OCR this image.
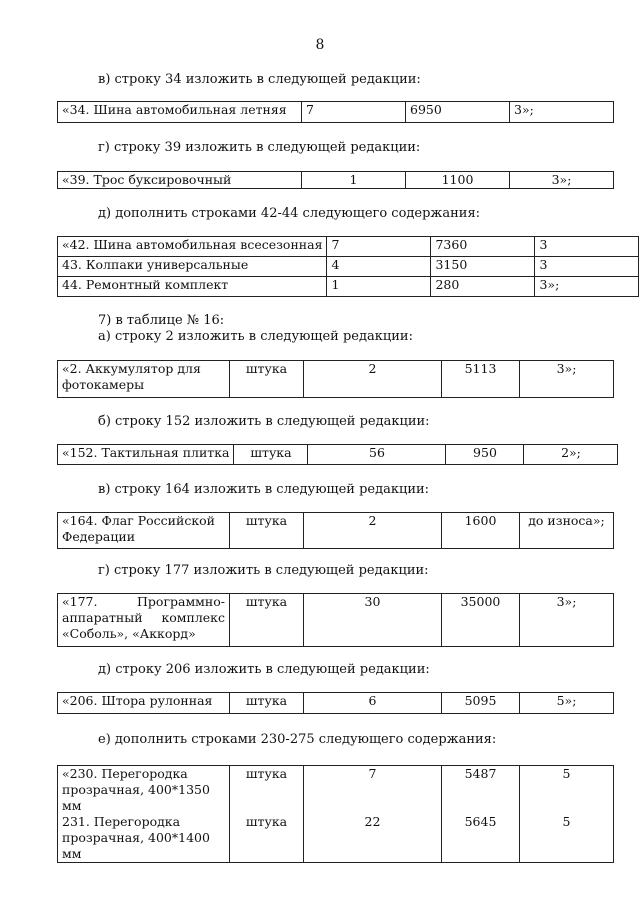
8
в) строку 34 изложить в следующей редакции:
«34. Шина автомобильная летняя	7	6950	3»;
г) строку 39 изложить в следующей редакции:
«39. Трос буксировочный	1	1100	3»;
д) дополнить строками 42-44 следующего содержания:
«42. Шина автомобильная всесезонная	7	7360	3
43. Колпаки универсальные	4	3150	3
44. Ремонтный комплект	1	280	3»;
7) в таблице № 16:
а) строку 2 изложить в следующей редакции:
«2. Аккумулятор для фотокамеры	штука	2	5113	3»;
б) строку 152 изложить в следующей редакции:
«152. Тактильная плитка	штука	56	950	2»;
в) строку 164 изложить в следующей редакции:
«164. Флаг Российской Федерации	штука	2	1600	до износа»;
г) строку 177 изложить в следующей редакции:
«177. Программно-аппаратный комплекс «Соболь», «Аккорд»	штука	30	35000	3»;
д) строку 206 изложить в следующей редакции:
«206. Штора рулонная	штука	6	5095	5»;
е) дополнить строками 230-275 следующего содержания:
«230. Перегородка прозрачная, 400*1350 мм	штука	7	5487	5
231. Перегородка прозрачная, 400*1400 мм	штука	22	5645	5
